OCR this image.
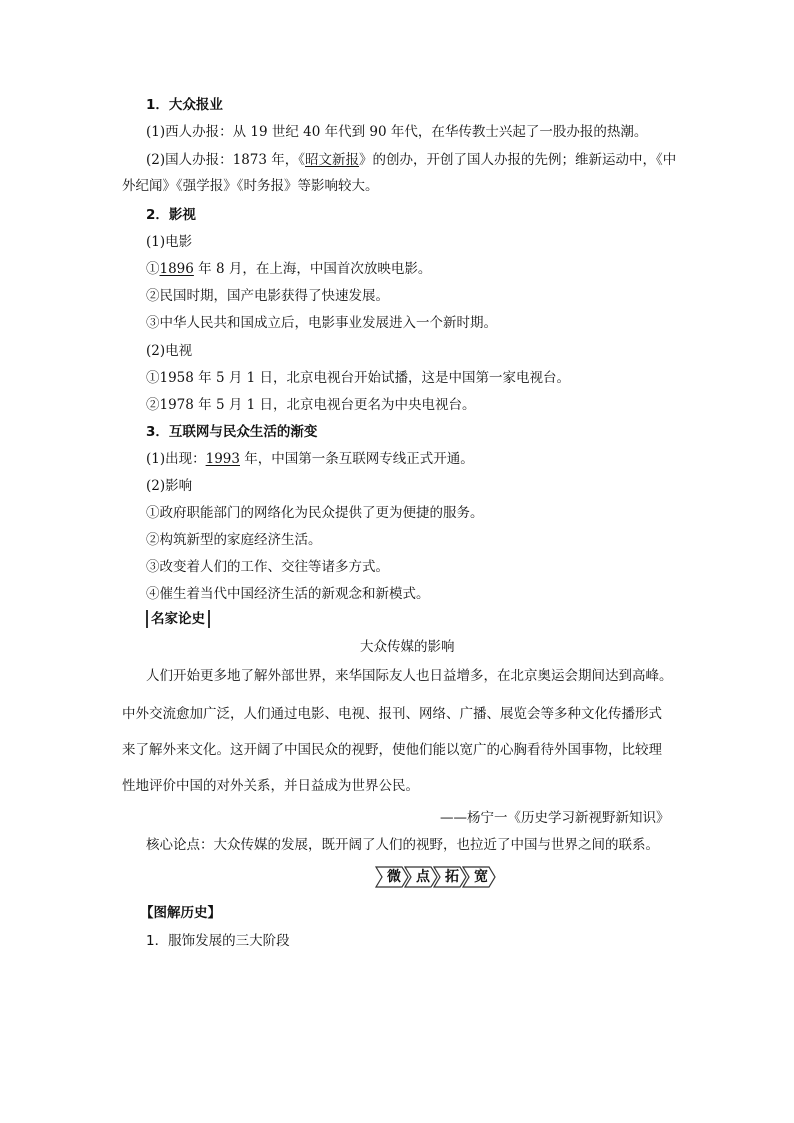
1．大众报业
(1)西人办报：从 19 世纪 40 年代到 90 年代，在华传教士兴起了一股办报的热潮。
(2)国人办报：1873 年，《昭文新报》的创办，开创了国人办报的先例；维新运动中，《中
外纪闻》《强学报》《时务报》等影响较大。
2．影视
(1)电影
①1896 年 8 月，在上海，中国首次放映电影。
②民国时期，国产电影获得了快速发展。
③中华人民共和国成立后，电影事业发展进入一个新时期。
(2)电视
①1958 年 5 月 1 日，北京电视台开始试播，这是中国第一家电视台。
②1978 年 5 月 1 日，北京电视台更名为中央电视台。
3．互联网与民众生活的渐变
(1)出现：1993 年，中国第一条互联网专线正式开通。
(2)影响
①政府职能部门的网络化为民众提供了更为便捷的服务。
②构筑新型的家庭经济生活。
③改变着人们的工作、交往等诸多方式。
④催生着当代中国经济生活的新观念和新模式。
名家论史
大众传媒的影响
人们开始更多地了解外部世界，来华国际友人也日益增多，在北京奥运会期间达到高峰。
中外交流愈加广泛，人们通过电影、电视、报刊、网络、广播、展览会等多种文化传播形式
来了解外来文化。这开阔了中国民众的视野，使他们能以宽广的心胸看待外国事物，比较理
性地评价中国的对外关系，并日益成为世界公民。
——杨宁一《历史学习新视野新知识》
核心论点：大众传媒的发展，既开阔了人们的视野，也拉近了中国与世界之间的联系。
微	点	拓	宽
【图解历史】
1．服饰发展的三大阶段
